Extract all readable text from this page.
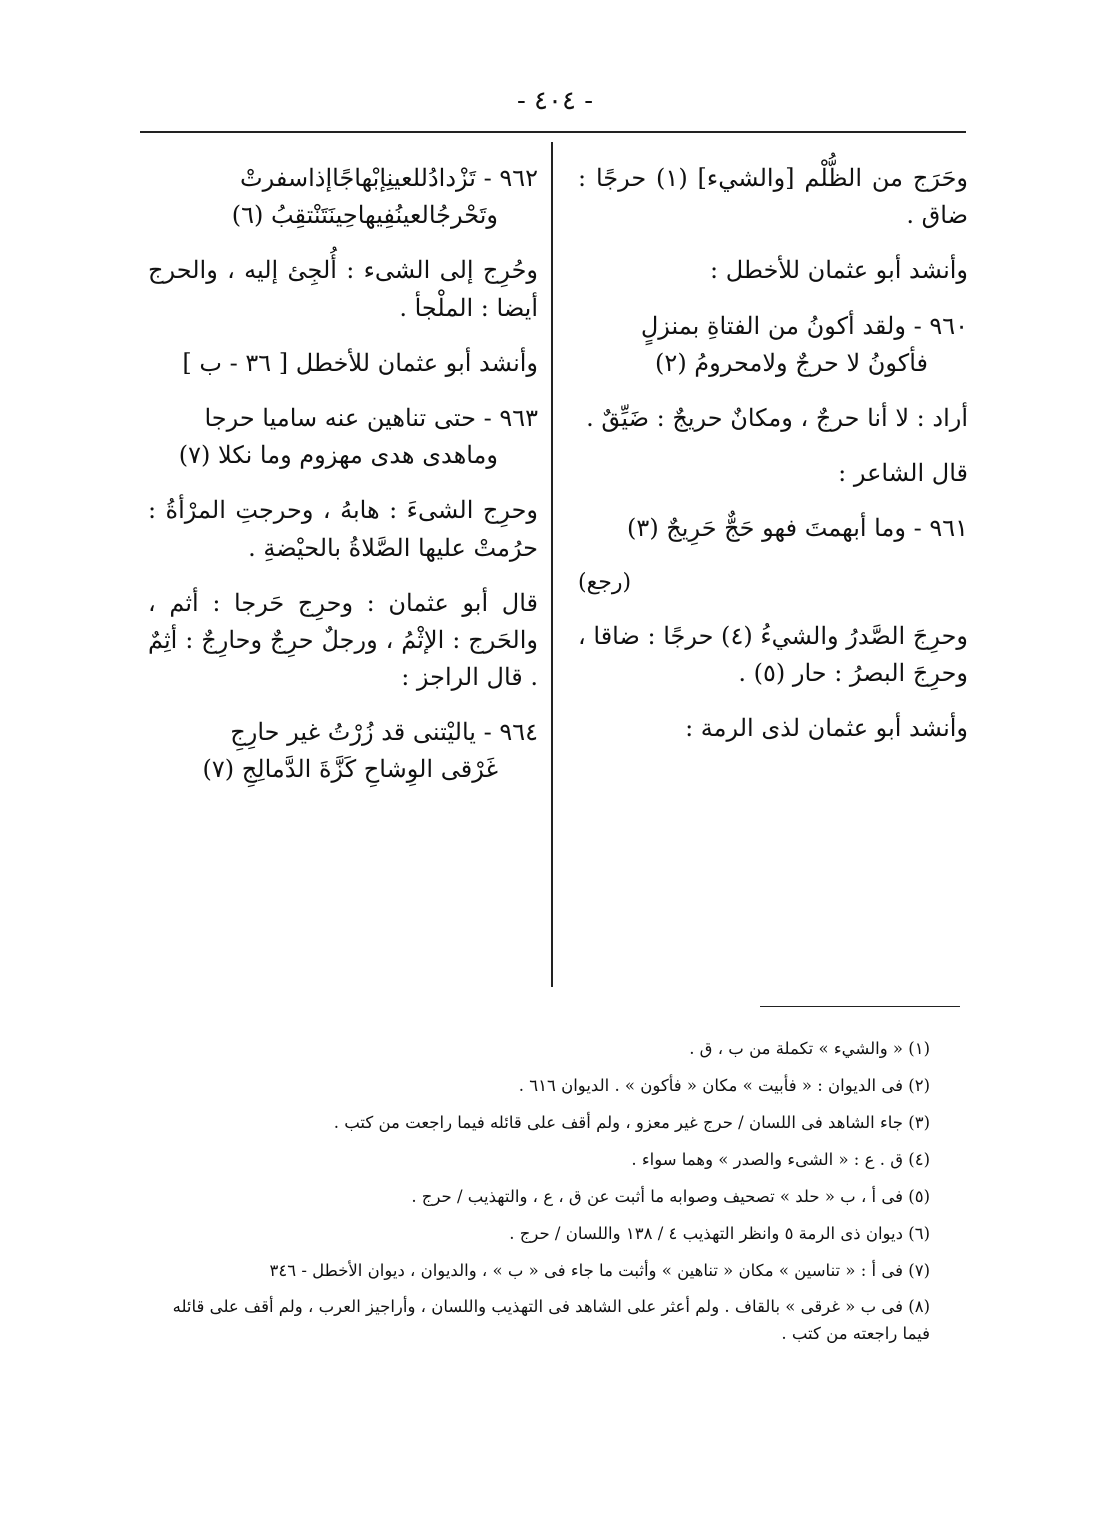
- ٤٠٤ -

وحَرَج من الظُّلْم [والشيء] (١) حرجًا : ضاق .

وأنشد أبو عثمان للأخطل :

٩٦٠ - ولقد أكونُ من الفتاةِ بمنزلٍ
فأكونُ لا حرجٌ ولامحرومُ (٢)

أراد : لا أنا حرجٌ ، ومكانٌ حريجٌ : ضَيِّقٌ .

قال الشاعر :

٩٦١ - وما أبهمتَ فهو حَجٌّ حَرِيجٌ (٣)

(رجع)

وحرِجَ الصَّدرُ والشيءُ (٤) حرجًا : ضاقا ، وحرِجَ البصرُ : حار (٥) .

وأنشد أبو عثمان لذى الرمة :

٩٦٢ - تَزْدادُللعينِإبْهاجًاإذاسفرتْ
وتَحْرجُالعينُفِيهاحِينَتَنْتقِبُ (٦)

وحُرِج إلى الشىء : أُلجِئ إليه ، والحرج أيضا : الملْجأ .

وأنشد أبو عثمان للأخطل [ ٣٦ - ب ]

٩٦٣ - حتى تناهين عنه ساميا حرجا
وماهدى هدى مهزوم وما نكلا (٧)

وحرِج الشىءَ : هابهُ ، وحرجتِ المرْأةُ : حرُمتْ عليها الصَّلاةُ بالحيْضةِ .

قال أبو عثمان : وحرِج حَرجا : أثم ، والحَرج : الإثْمُ ، ورجلٌ حرِجٌ وحارِجٌ : أثِمٌ . قال الراجز :

٩٦٤ - ياليْتنى قد زُرْتُ غير حارِجِ
غَرْقى الوِشاحِ كَزَّةَ الدَّمالِجِ (٧)

(١) « والشيء » تكملة من ب ، ق .

(٢) فى الديوان : « فأبيت » مكان « فأكون » . الديوان ٦١٦ .

(٣) جاء الشاهد فى اللسان / حرج غير معزو ، ولم أقف على قائله فيما راجعت من كتب .

(٤) ق . ع : « الشىء والصدر » وهما سواء .

(٥) فى أ ، ب « حلد » تصحيف وصوابه ما أثبت عن ق ، ع ، والتهذيب / حرج .

(٦) ديوان ذى الرمة ٥ وانظر التهذيب ٤ / ١٣٨ واللسان / حرج .

(٧) فى أ : « تناسين » مكان « تناهين » وأثبت ما جاء فى « ب » ، والديوان ، ديوان الأخطل - ٣٤٦

(٨) فى ب « غرقى » بالقاف . ولم أعثر على الشاهد فى التهذيب واللسان ، وأراجيز العرب ، ولم أقف على قائله فيما راجعته من كتب .
